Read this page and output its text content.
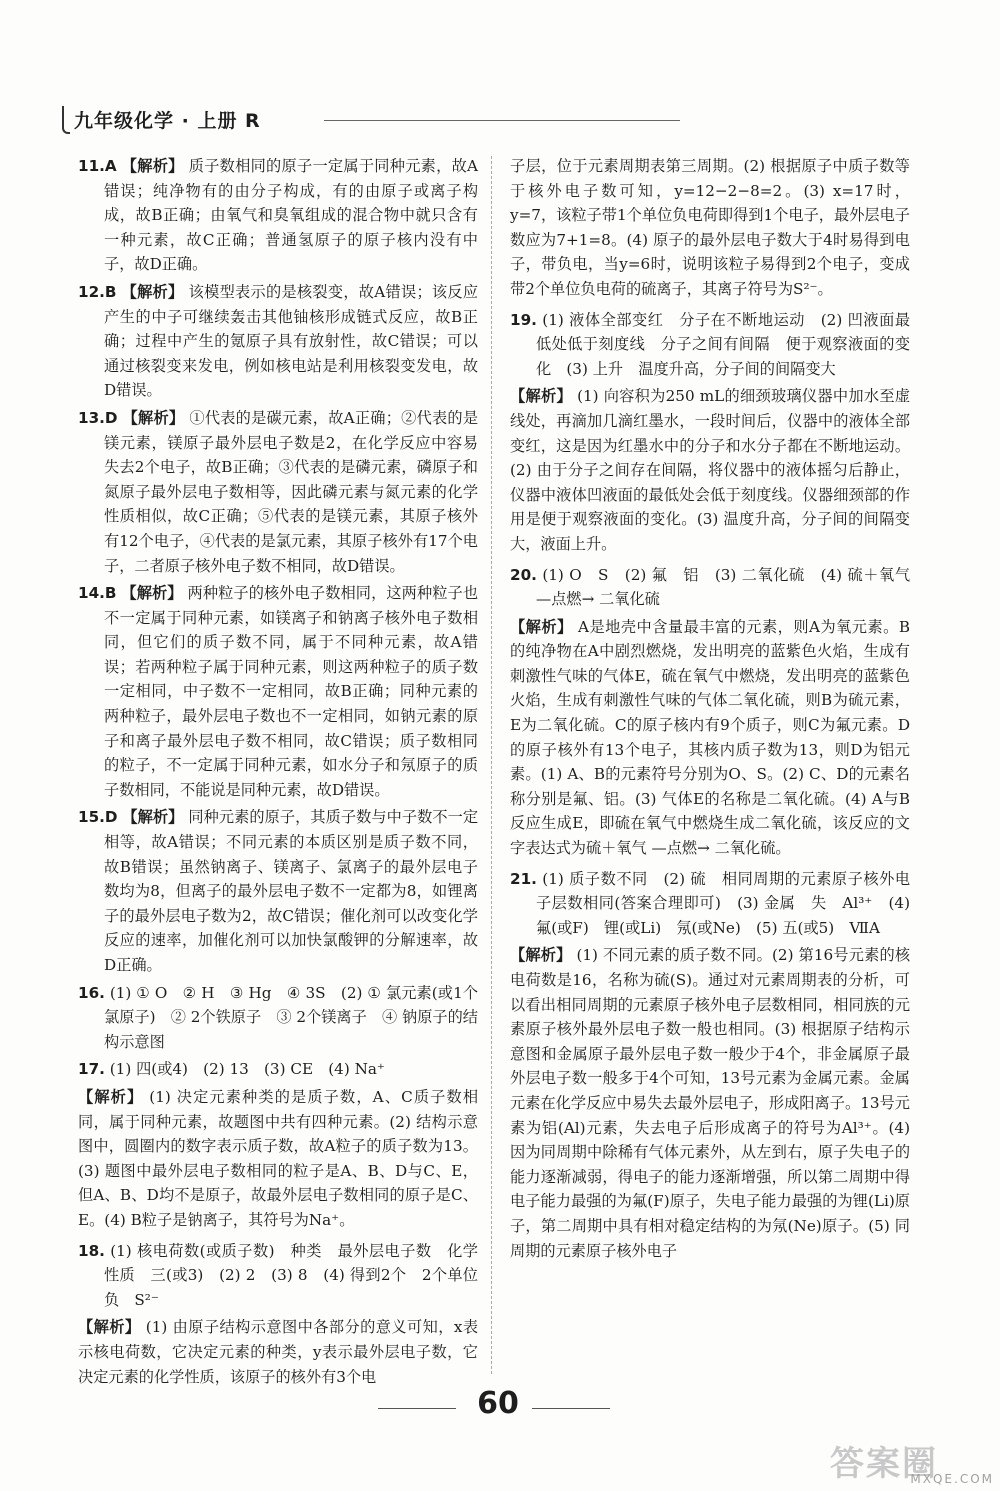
九年级化学 · 上册 R

11.A 【解析】 质子数相同的原子一定属于同种元素，故A错误；纯净物有的由分子构成，有的由原子或离子构成，故B正确；由氧气和臭氧组成的混合物中就只含有一种元素，故C正确；普通氢原子的原子核内没有中子，故D正确。

12.B 【解析】 该模型表示的是核裂变，故A错误；该反应产生的中子可继续轰击其他铀核形成链式反应，故B正确；过程中产生的氪原子具有放射性，故C错误；可以通过核裂变来发电，例如核电站是利用核裂变发电，故D错误。

13.D 【解析】 ①代表的是碳元素，故A正确；②代表的是镁元素，镁原子最外层电子数是2，在化学反应中容易失去2个电子，故B正确；③代表的是磷元素，磷原子和氮原子最外层电子数相等，因此磷元素与氮元素的化学性质相似，故C正确；⑤代表的是镁元素，其原子核外有12个电子，④代表的是氯元素，其原子核外有17个电子，二者原子核外电子数不相同，故D错误。

14.B 【解析】 两种粒子的核外电子数相同，这两种粒子也不一定属于同种元素，如镁离子和钠离子核外电子数相同，但它们的质子数不同，属于不同种元素，故A错误；若两种粒子属于同种元素，则这两种粒子的质子数一定相同，中子数不一定相同，故B正确；同种元素的两种粒子，最外层电子数也不一定相同，如钠元素的原子和离子最外层电子数不相同，故C错误；质子数相同的粒子，不一定属于同种元素，如水分子和氖原子的质子数相同，不能说是同种元素，故D错误。

15.D 【解析】 同种元素的原子，其质子数与中子数不一定相等，故A错误；不同元素的本质区别是质子数不同，故B错误；虽然钠离子、镁离子、氯离子的最外层电子数均为8，但离子的最外层电子数不一定都为8，如锂离子的最外层电子数为2，故C错误；催化剂可以改变化学反应的速率，加催化剂可以加快氯酸钾的分解速率，故D正确。

16. (1) ① O　② H　③ Hg　④ 3S　(2) ① 氯元素(或1个氯原子)　② 2个铁原子　③ 2个镁离子　④ 钠原子的结构示意图

17. (1) 四(或4)　(2) 13　(3) CE　(4) Na⁺

【解析】 (1) 决定元素种类的是质子数，A、C质子数相同，属于同种元素，故题图中共有四种元素。(2) 结构示意图中，圆圈内的数字表示质子数，故A粒子的质子数为13。(3) 题图中最外层电子数相同的粒子是A、B、D与C、E，但A、B、D均不是原子，故最外层电子数相同的原子是C、E。(4) B粒子是钠离子，其符号为Na⁺。

18. (1) 核电荷数(或质子数)　种类　最外层电子数　化学性质　三(或3)　(2) 2　(3) 8　(4) 得到2个　2个单位负　S²⁻

【解析】 (1) 由原子结构示意图中各部分的意义可知，x表示核电荷数，它决定元素的种类，y表示最外层电子数，它决定元素的化学性质，该原子的核外有3个电

子层，位于元素周期表第三周期。(2) 根据原子中质子数等于核外电子数可知，y=12−2−8=2。(3) x=17时，y=7，该粒子带1个单位负电荷即得到1个电子，最外层电子数应为7+1=8。(4) 原子的最外层电子数大于4时易得到电子，带负电，当y=6时，说明该粒子易得到2个电子，变成带2个单位负电荷的硫离子，其离子符号为S²⁻。

19. (1) 液体全部变红　分子在不断地运动　(2) 凹液面最低处低于刻度线　分子之间有间隔　便于观察液面的变化　(3) 上升　温度升高，分子间的间隔变大

【解析】 (1) 向容积为250 mL的细颈玻璃仪器中加水至虚线处，再滴加几滴红墨水，一段时间后，仪器中的液体全部变红，这是因为红墨水中的分子和水分子都在不断地运动。(2) 由于分子之间存在间隔，将仪器中的液体摇匀后静止，仪器中液体凹液面的最低处会低于刻度线。仪器细颈部的作用是便于观察液面的变化。(3) 温度升高，分子间的间隔变大，液面上升。

20. (1) O　S　(2) 氟　铝　(3) 二氧化硫　(4) 硫＋氧气 —点燃→ 二氧化硫

【解析】 A是地壳中含量最丰富的元素，则A为氧元素。B的纯净物在A中剧烈燃烧，发出明亮的蓝紫色火焰，生成有刺激性气味的气体E，硫在氧气中燃烧，发出明亮的蓝紫色火焰，生成有刺激性气味的气体二氧化硫，则B为硫元素，E为二氧化硫。C的原子核内有9个质子，则C为氟元素。D的原子核外有13个电子，其核内质子数为13，则D为铝元素。(1) A、B的元素符号分别为O、S。(2) C、D的元素名称分别是氟、铝。(3) 气体E的名称是二氧化硫。(4) A与B反应生成E，即硫在氧气中燃烧生成二氧化硫，该反应的文字表达式为硫＋氧气 —点燃→ 二氧化硫。

21. (1) 质子数不同　(2) 硫　相同周期的元素原子核外电子层数相同(答案合理即可)　(3) 金属　失　Al³⁺　(4) 氟(或F)　锂(或Li)　氖(或Ne)　(5) 五(或5)　ⅦA

【解析】 (1) 不同元素的质子数不同。(2) 第16号元素的核电荷数是16，名称为硫(S)。通过对元素周期表的分析，可以看出相同周期的元素原子核外电子层数相同，相同族的元素原子核外最外层电子数一般也相同。(3) 根据原子结构示意图和金属原子最外层电子数一般少于4个，非金属原子最外层电子数一般多于4个可知，13号元素为金属元素。金属元素在化学反应中易失去最外层电子，形成阳离子。13号元素为铝(Al)元素，失去电子后形成离子的符号为Al³⁺。(4) 因为同周期中除稀有气体元素外，从左到右，原子失电子的能力逐渐减弱，得电子的能力逐渐增强，所以第二周期中得电子能力最强的为氟(F)原子，失电子能力最强的为锂(Li)原子，第二周期中具有相对稳定结构的为氖(Ne)原子。(5) 同周期的元素原子核外电子

60
答案圈
MXQE.COM
